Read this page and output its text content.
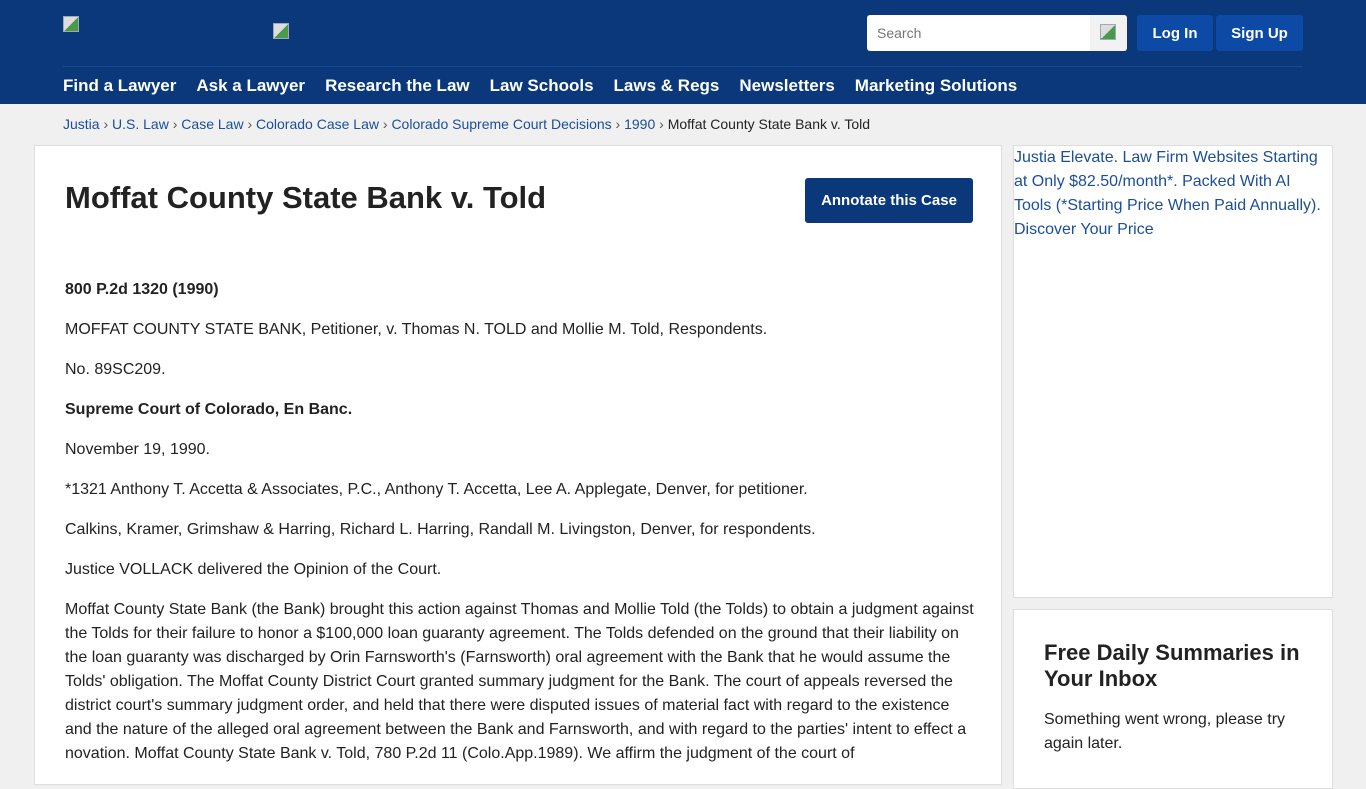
Search
Log In	Sign Up
Find a Lawyer Ask a Lawyer Research the Law Law Schools Laws & Regs Newsletters Marketing Solutions
Justia › U.S. Law › Case Law › Colorado Case Law › Colorado Supreme Court Decisions › 1990 › Moffat County State Bank v. Told
Moffat County State Bank v. Told	Annotate this Case

800 P.2d 1320 (1990)

MOFFAT COUNTY STATE BANK, Petitioner, v. Thomas N. TOLD and Mollie M. Told, Respondents.

No. 89SC209.

Supreme Court of Colorado, En Banc.

November 19, 1990.

*1321 Anthony T. Accetta & Associates, P.C., Anthony T. Accetta, Lee A. Applegate, Denver, for petitioner.

Calkins, Kramer, Grimshaw & Harring, Richard L. Harring, Randall M. Livingston, Denver, for respondents.

Justice VOLLACK delivered the Opinion of the Court.

Moffat County State Bank (the Bank) brought this action against Thomas and Mollie Told (the Tolds) to obtain a judgment against the Tolds for their failure to honor a $100,000 loan guaranty agreement. The Tolds defended on the ground that their liability on the loan guaranty was discharged by Orin Farnsworth's (Farnsworth) oral agreement with the Bank that he would assume the Tolds' obligation. The Moffat County District Court granted summary judgment for the Bank. The court of appeals reversed the district court's summary judgment order, and held that there were disputed issues of material fact with regard to the existence and the nature of the alleged oral agreement between the Bank and Farnsworth, and with regard to the parties' intent to effect a novation. Moffat County State Bank v. Told, 780 P.2d 11 (Colo.App.1989). We affirm the judgment of the court of

Justia Elevate. Law Firm Websites Starting at Only $82.50/month*. Packed With AI Tools (*Starting Price When Paid Annually). Discover Your Price
Free Daily Summaries in Your Inbox

Something went wrong, please try again later.
